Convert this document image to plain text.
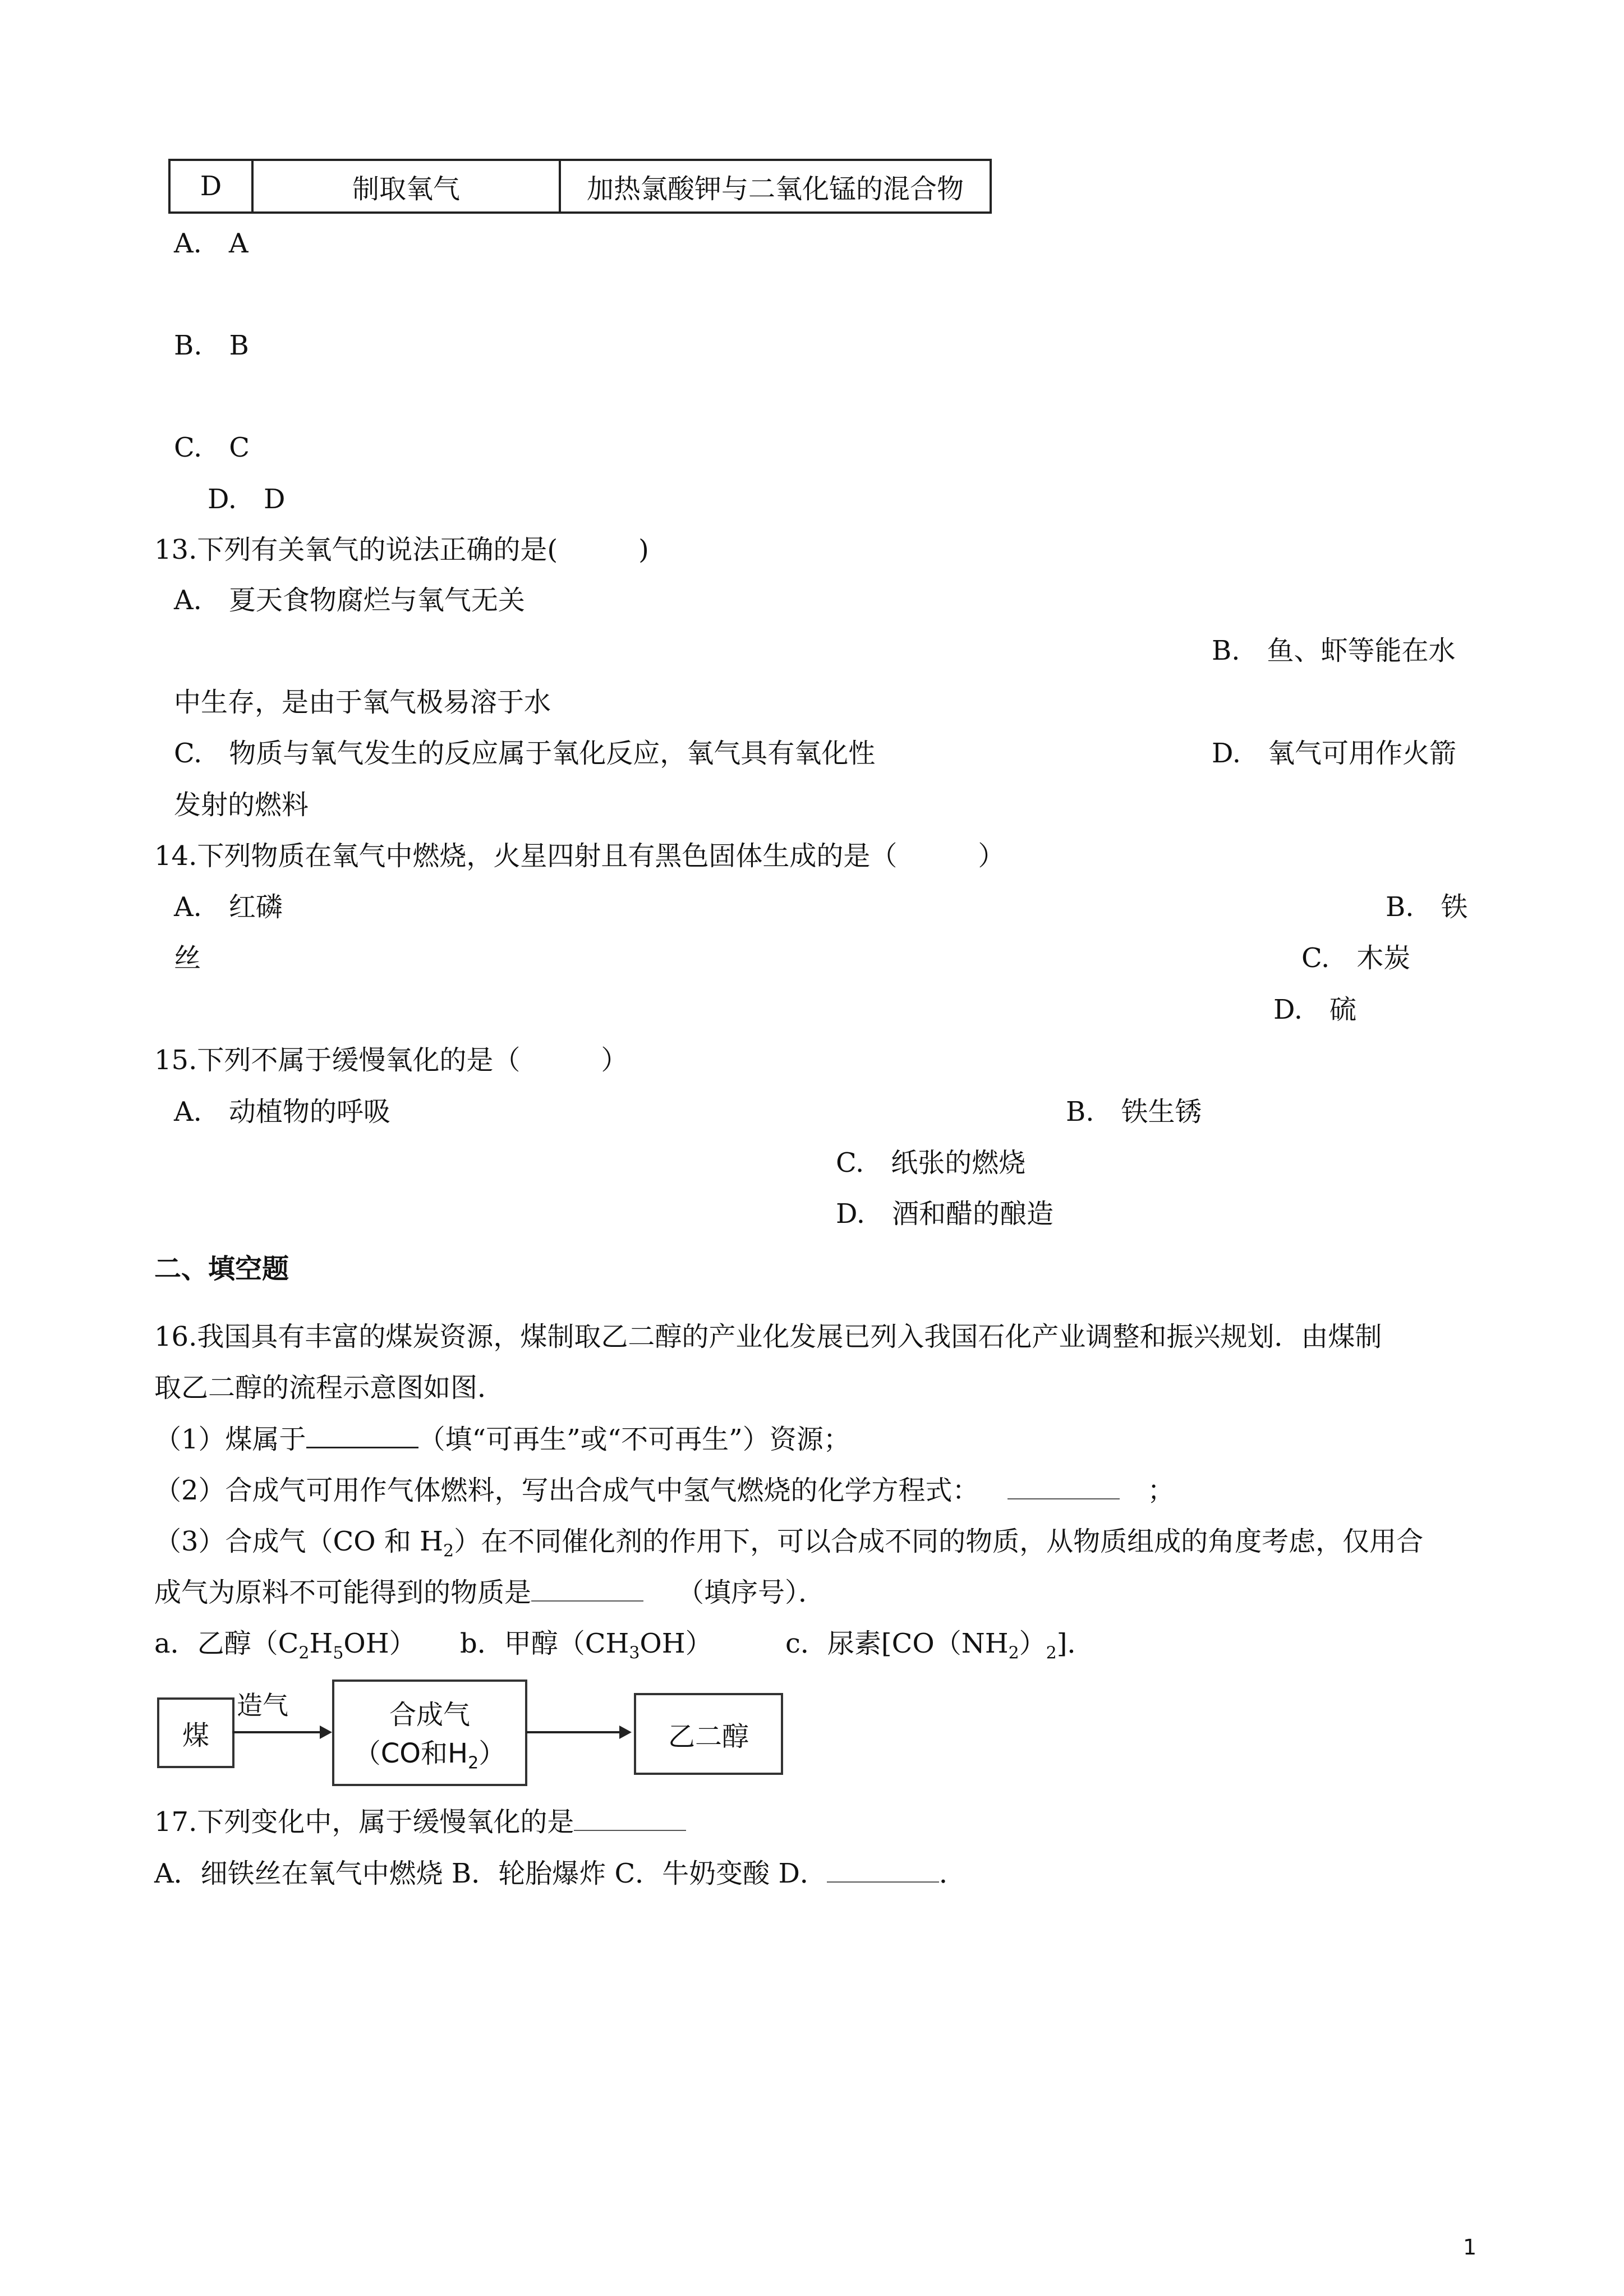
D	制取氧气	加热氯酸钾与二氧化锰的混合物
A.　A
B.　B
C.　C
D.　D
13.下列有关氧气的说法正确的是(　　　)
A.　夏天食物腐烂与氧气无关
B.　鱼、虾等能在水
中生存，是由于氧气极易溶于水
C.　物质与氧气发生的反应属于氧化反应，氧气具有氧化性	D.　氧气可用作火箭
发射的燃料
14.下列物质在氧气中燃烧，火星四射且有黑色固体生成的是（　　　）
A.　红磷	B.　铁
丝	C.　木炭
D.　硫
15.下列不属于缓慢氧化的是（　　　）
A.　动植物的呼吸	B.　铁生锈
C.　纸张的燃烧
D.　酒和醋的酿造
二、填空题
16.我国具有丰富的煤炭资源，煤制取乙二醇的产业化发展已列入我国石化产业调整和振兴规划．由煤制
取乙二醇的流程示意图如图．
（1）煤属于	（填“可再生”或“不可再生”）资源；
（2）合成气可用作气体燃料，写出合成气中氢气燃烧的化学方程式：	；
（3）合成气（CO 和 $H_2$）在不同催化剂的作用下，可以合成不同的物质，从物质组成的角度考虑，仅用合
成气为原料不可能得到的物质是	（填序号）．
a．乙醇$(C_2H_5OH)$ b．甲醇$(CH_3OH)$	c．尿素$[CO(NH_2)_2]$．
煤
造气	合成气
（CO和$H_2$）
乙二醇
17.下列变化中，属于缓慢氧化的是
A．细铁丝在氧气中燃烧 B．轮胎爆炸 C．牛奶变酸 D．	．
1
